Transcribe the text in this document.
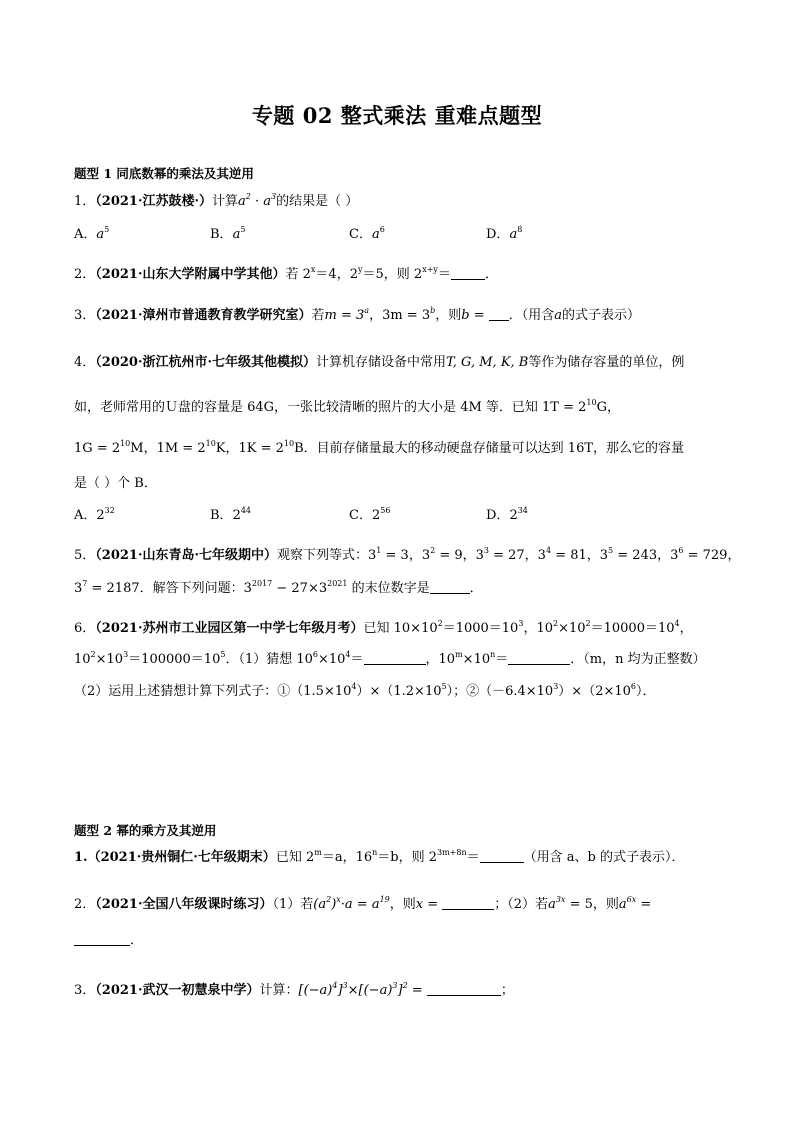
专题 02 整式乘法 重难点题型
题型 1 同底数幂的乘法及其逆用
1．（2021·江苏鼓楼·）计算$a^2 \cdot a^3$的结果是（ ）
A．$a^5$	B．$a^5$	C．$a^6$	D．$a^8$
2．（2021·山东大学附属中学其他）若 $2^x=4$，$2^y=5$，则 $2^{x+y}=$	．
3．（2021·漳州市普通教育教学研究室）若$m = 3^a$，$3m = 3^b$，则b = ．（用含a的式子表示）
4．（2020·浙江杭州市·七年级其他模拟）计算机存储设备中常用T, G, M, K, B等作为储存容量的单位，例
如，老师常用的Ｕ盘的容量是 64G，一张比较清晰的照片的大小是 4M 等．已知 $1T = 2^{10}G$，
$1G = 2^{10}M$，$1M = 2^{10}K$，$1K = 2^{10}B$．目前存储量最大的移动硬盘存储量可以达到 16T，那么它的容量
是（ ）个 B．
A．$2^{32}$	B．$2^{44}$	C．$2^{56}$	D．$2^{34}$
5．（2021·山东青岛·七年级期中）观察下列等式：$3^1 = 3$，$3^2 = 9$，$3^3 = 27$，$3^4 = 81$，$3^5 = 243$，$3^6 = 729$，
$3^7 = 2187$．解答下列问题：$3^{2017} - 27\times 3^{2021}$ 的末位数字是	．
6．（2021·苏州市工业园区第一中学七年级月考）已知 $10\times 10^2=1000=10^3$，$10^2\times 10^2=10000=10^4$，
$10^2\times 10^3=100000=10^5$．（1）猜想 $10^6\times 10^4=$	，$10^m\times 10^n=$	．（m，n 均为正整数）
（2）运用上述猜想计算下列式子：$①(1.5\times 10^4)\times(1.2\times 10^5)$；$②(-6.4\times 10^3)\times(2\times 10^6)$．
题型 2 幂的乘方及其逆用
1.（2021·贵州铜仁·七年级期末）已知 $2^m=a$，$16^n=b$，则 $2^{3m+8n}=$	（用含 a、b 的式子表示）．
2．（2021·全国八年级课时练习）（1）若$(a^2)^x\cdot a = a^{19}$，则x =	；（2）若$a^{3x} = 5$，则$a^{6x}$ =
．
3．（2021·武汉一初慧泉中学）计算：$[(-a)^4]^3\times[(-a)^3]^2$ =	；
